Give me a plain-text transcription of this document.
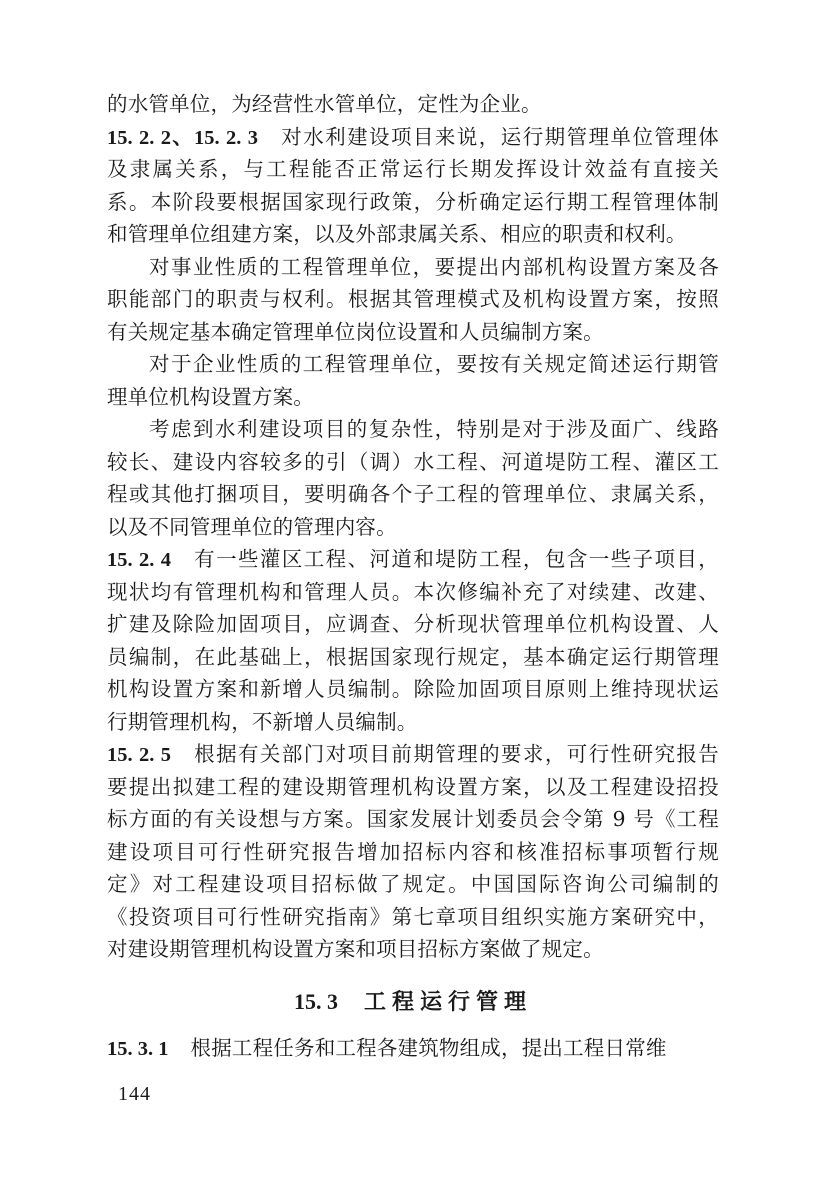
的水管单位，为经营性水管单位，定性为企业。
15. 2. 2、15. 2. 3 对水利建设项目来说，运行期管理单位管理体
及隶属关系，与工程能否正常运行长期发挥设计效益有直接关
系。本阶段要根据国家现行政策，分析确定运行期工程管理体制
和管理单位组建方案，以及外部隶属关系、相应的职责和权利。
对事业性质的工程管理单位，要提出内部机构设置方案及各
职能部门的职责与权利。根据其管理模式及机构设置方案，按照
有关规定基本确定管理单位岗位设置和人员编制方案。
对于企业性质的工程管理单位，要按有关规定简述运行期管
理单位机构设置方案。
考虑到水利建设项目的复杂性，特别是对于涉及面广、线路
较长、建设内容较多的引（调）水工程、河道堤防工程、灌区工
程或其他打捆项目，要明确各个子工程的管理单位、隶属关系，
以及不同管理单位的管理内容。
15. 2. 4 有一些灌区工程、河道和堤防工程，包含一些子项目，
现状均有管理机构和管理人员。本次修编补充了对续建、改建、
扩建及除险加固项目，应调查、分析现状管理单位机构设置、人
员编制，在此基础上，根据国家现行规定，基本确定运行期管理
机构设置方案和新增人员编制。除险加固项目原则上维持现状运
行期管理机构，不新增人员编制。
15. 2. 5 根据有关部门对项目前期管理的要求，可行性研究报告
要提出拟建工程的建设期管理机构设置方案，以及工程建设招投
标方面的有关设想与方案。国家发展计划委员会令第 9 号《工程
建设项目可行性研究报告增加招标内容和核准招标事项暂行规
定》对工程建设项目招标做了规定。中国国际咨询公司编制的
《投资项目可行性研究指南》第七章项目组织实施方案研究中，
对建设期管理机构设置方案和项目招标方案做了规定。
15. 3 工程运行管理
15. 3. 1 根据工程任务和工程各建筑物组成，提出工程日常维
144
